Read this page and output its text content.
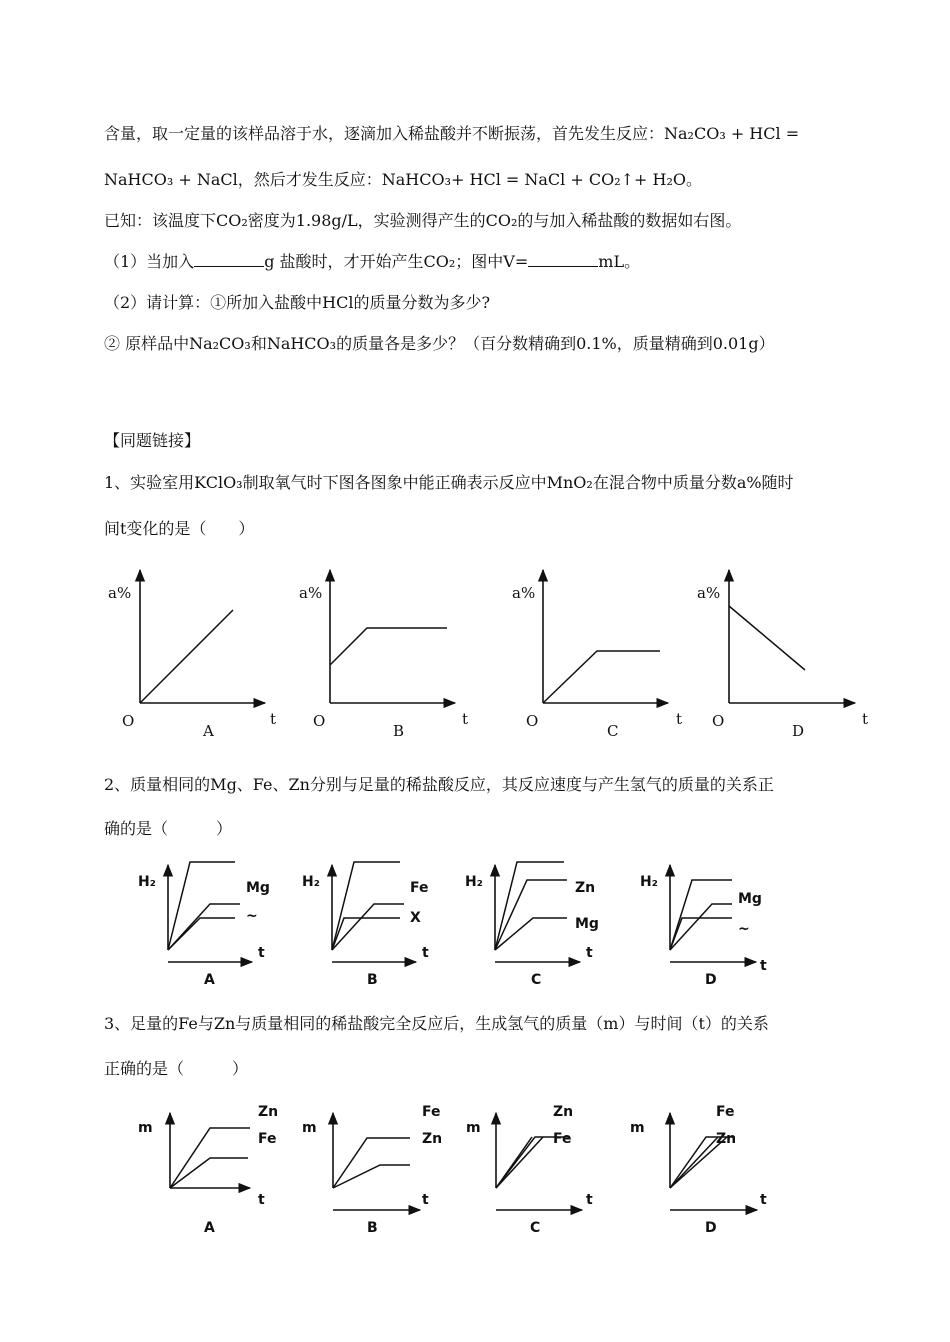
含量，取一定量的该样品溶于水，逐滴加入稀盐酸并不断振荡，首先发生反应：Na₂CO₃ + HCl =
NaHCO₃ + NaCl，然后才发生反应：NaHCO₃+ HCl = NaCl + CO₂↑+ H₂O。
已知：该温度下CO₂密度为1.98g/L，实验测得产生的CO₂的与加入稀盐酸的数据如右图。
（1）当加入	g 盐酸时，才开始产生CO₂；图中V=	mL。
（2）请计算：①所加入盐酸中HCl的质量分数为多少?
② 原样品中Na₂CO₃和NaHCO₃的质量各是多少？（百分数精确到0.1%，质量精确到0.01g）
【同题链接】
1、实验室用KClO₃制取氧气时下图各图象中能正确表示反应中MnO₂在混合物中质量分数a%随时
间t变化的是（　　）
2、质量相同的Mg、Fe、Zn分别与足量的稀盐酸反应，其反应速度与产生氢气的质量的关系正
确的是（　　　）
3、足量的Fe与Zn与质量相同的稀盐酸完全反应后，生成氢气的质量（m）与时间（t）的关系
正确的是（　　　）
a%
O	t
A
a%
O	t
B
a%
O	t
C
a%
O	t
D
H₂	Mg
~
t
A
H₂	Fe
X
t
B
H₂	Zn
Mg
t
C
H₂
Mg
~
t
D
m
Zn
Fe
t
A
m
Fe
Zn
t
B
m
Zn
Fe
t
C
m
Fe
Zn
t
D
